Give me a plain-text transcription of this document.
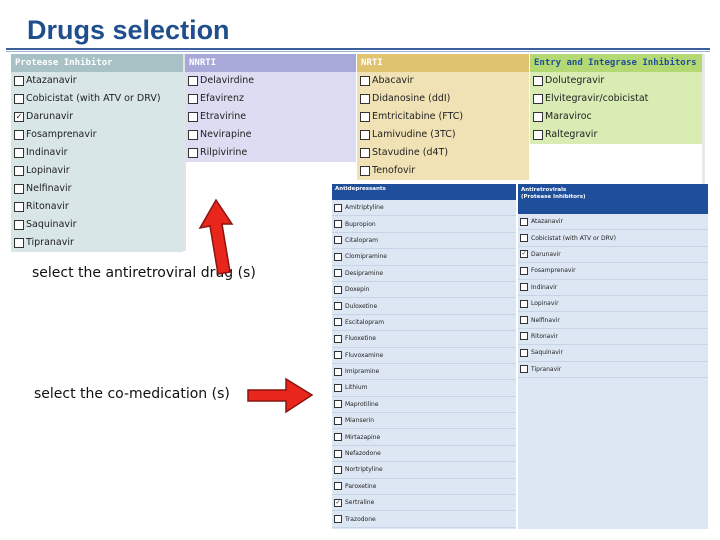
Drugs selection
Protease Inhibitor
Atazanavir
Cobicistat (with ATV or DRV)
✓ Darunavir
Fosamprenavir
Indinavir
Lopinavir
Nelfinavir
Ritonavir
Saquinavir
Tipranavir
NNRTI
Delavirdine
Efavirenz
Etravirine
Nevirapine
Rilpivirine
NRTI
Abacavir
Didanosine (ddI)
Emtricitabine (FTC)
Lamivudine (3TC)
Stavudine (d4T)
Tenofovir
Entry and Integrase Inhibitors
Dolutegravir
Elvitegravir/cobicistat
Maraviroc
Raltegravir
Antidepressants
Amitriptyline
Bupropion
Citalopram
Clomipramine
Desipramine
Doxepin
Duloxetine
Escitalopram
Fluoxetine
Fluvoxamine
Imipramine
Lithium
Maprotiline
Mianserin
Mirtazapine
Nefazodone
Nortriptyline
Paroxetine
✓ Sertraline
Trazodone
Antiretrovirals
(Protease Inhibitors)
Atazanavir
Cobicistat (with ATV or DRV)
✓ Darunavir
Fosamprenavir
Indinavir
Lopinavir
Nelfinavir
Ritonavir
Saquinavir
Tipranavir
select the antiretroviral drug (s)
select the co-medication (s)
